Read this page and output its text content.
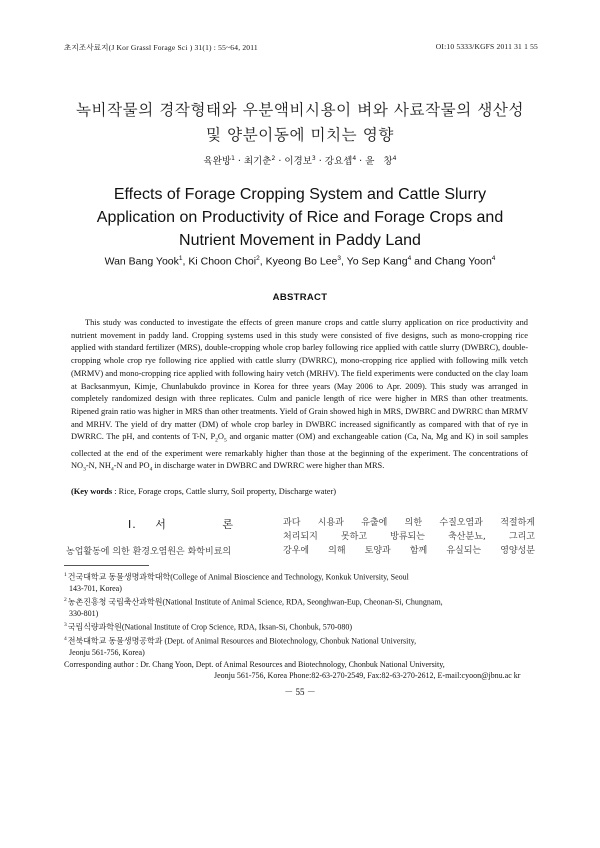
초지조사료지(J Kor Grassl Forage Sci ) 31(1) : 55~64, 2011	OI:10 5333/KGFS 2011 31 1 55
녹비작물의 경작형태와 우분액비시용이 벼와 사료작물의 생산성
및 양분이동에 미치는 영향
육완방$^1$ · 최기춘$^2$ · 이경보$^3$ · 강요셉$^4$ · 윤   창$^4$
Effects of Forage Cropping System and Cattle Slurry
Application on Productivity of Rice and Forage Crops and
Nutrient Movement in Paddy Land
Wan Bang Yook$^1$, Ki Choon Choi$^2$, Kyeong Bo Lee$^3$, Yo Sep Kang$^4$ and Chang Yoon$^4$
ABSTRACT

This study was conducted to investigate the effects of green manure crops and cattle slurry application on rice productivity and nutrient movement in paddy land. Cropping systems used in this study were consisted of five designs, such as mono-cropping rice applied with standard fertilizer (MRS), double-cropping whole crop barley following rice applied with cattle slurry (DWBRC), double-cropping whole crop rye following rice applied with cattle slurry (DWRRC), mono-cropping rice applied with following milk vetch (MRMV) and mono-cropping rice applied with following hairy vetch (MRHV). The field experiments were conducted on the clay loam at Backsanmyun, Kimje, Chunlabukdo province in Korea for three years (May 2006 to Apr. 2009). This study was arranged in completely randomized design with three replicates. Culm and panicle length of rice were higher in MRS than other treatments. Ripened grain ratio was higher in MRS than other treatments. Yield of Grain showed high in MRS, DWBRC and DWRRC than MRMV and MRHV. The yield of dry matter (DM) of whole crop barley in DWBRC increased significantly as compared with that of rye in DWRRC. The pH, and contents of T-N, $P_2O_5$ and organic matter (OM) and exchangeable cation (Ca, Na, Mg and K) in soil samples collected at the end of the experiment were remarkably higher than those at the beginning of the experiment. The concentrations of $NO_3-N$, $NH_4-N$ and $PO_4$ in discharge water in DWBRC and DWRRC were higher than MRS.

(Key words : Rice, Forage crops, Cattle slurry, Soil property, Discharge water)
Ⅰ. 서   론
농업활동에 의한 환경오염원은 화학비료의
과다 시용과 유출에 의한 수질오염과 적절하게
처리되지 못하고 방류되는 축산분뇨, 그리고
강우에 의해 토양과 함께 유실되는 영양성분
$^1$건국대학교 동물생명과학대학(College of Animal Bioscience and Technology, Konkuk University, Seoul
143-701, Korea)
$^2$농촌진흥청 국립축산과학원(National Institute of Animal Science, RDA, Seonghwan-Eup, Cheonan-Si, Chungnam,
330-801)
$^3$국립식량과학원(National Institute of Crop Science, RDA, Iksan-Si, Chonbuk, 570-080)
$^4$전북대학교 동물생명공학과 (Dept. of Animal Resources and Biotechnology, Chonbuk National University,
Jeonju 561-756, Korea)
Corresponding author : Dr. Chang Yoon, Dept. of Animal Resources and Biotechnology, Chonbuk National University,
Jeonju 561-756, Korea Phone:82-63-270-2549, Fax:82-63-270-2612, E-mail:cyoon@jbnu.ac kr
－ 55 －
